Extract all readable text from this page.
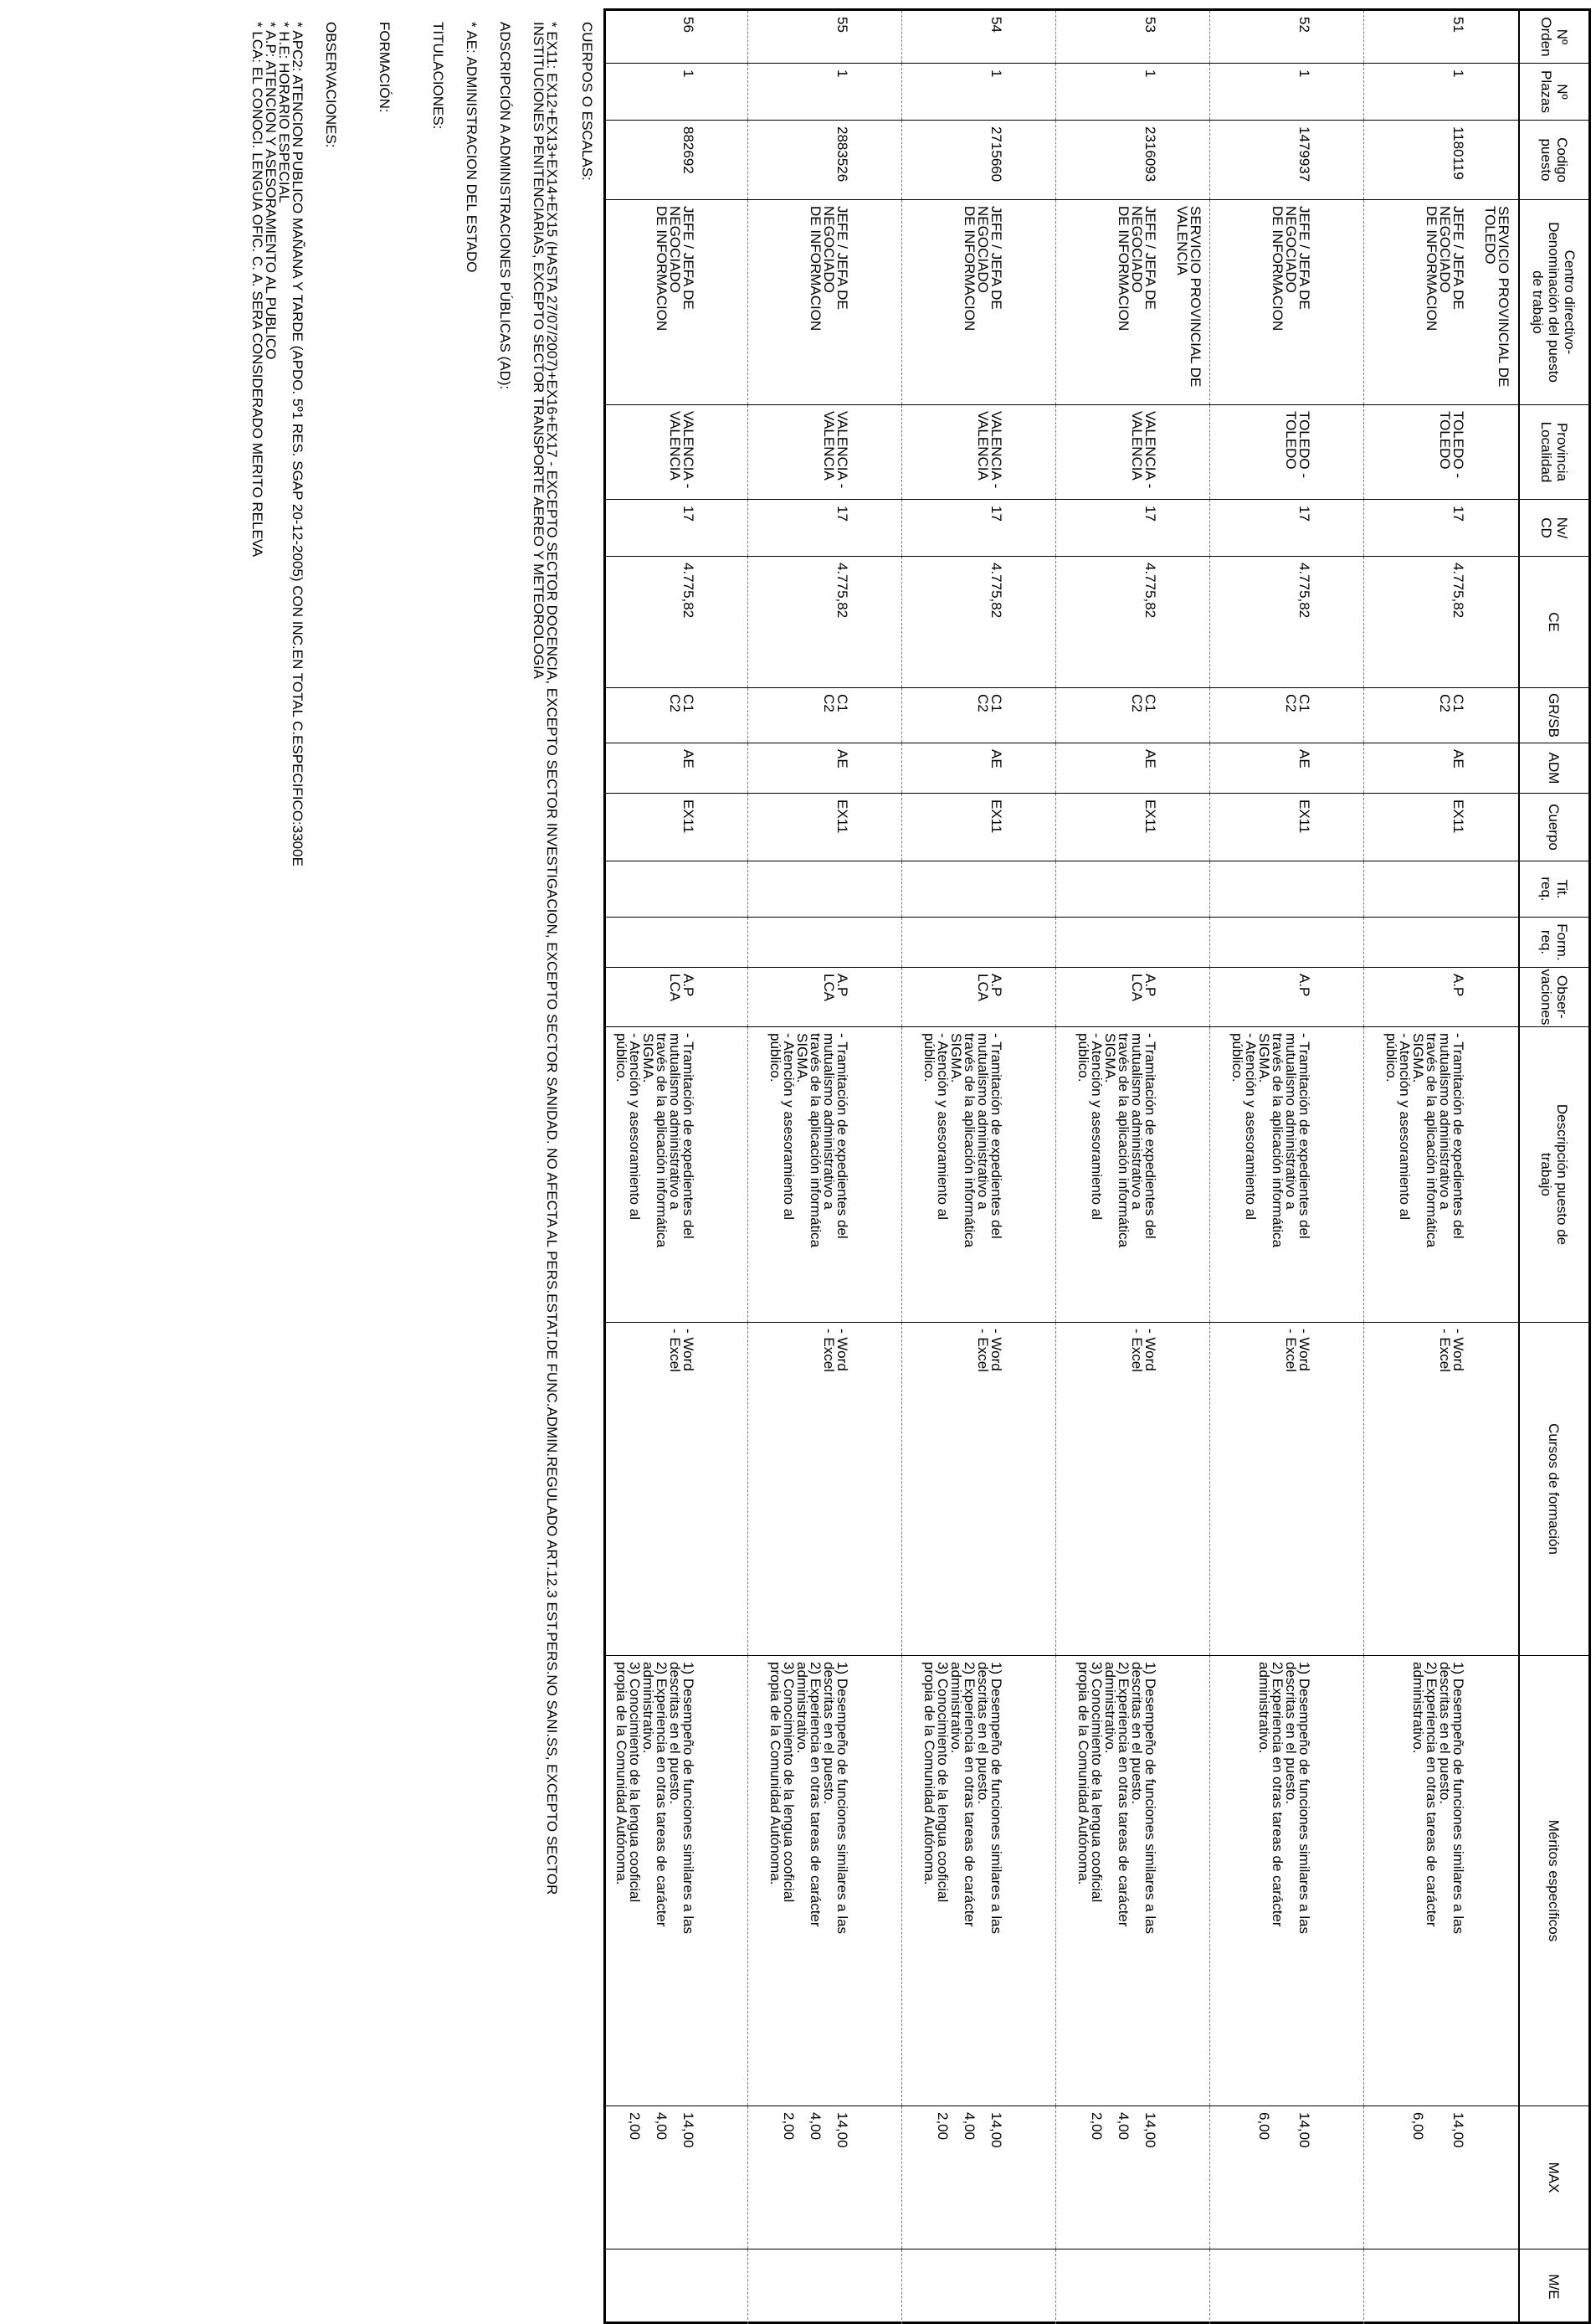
Nº
Orden
51
52
53
54
55
56
Nº
Plazas
1
1
1
1
1
1
Codigo
puesto
1180119
1479937
2316093
2715660
2883526
882692
Centro directivo-
Denominación del puesto
de trabajo
SERVICIO PROVINCIAL DE
TOLEDO
JEFE / JEFA DE NEGOCIADO
DE INFORMACION
JEFE / JEFA DE NEGOCIADO
DE INFORMACION
SERVICIO PROVINCIAL DE
VALENCIA
JEFE / JEFA DE NEGOCIADO
DE INFORMACION
JEFE / JEFA DE NEGOCIADO
DE INFORMACION
JEFE / JEFA DE NEGOCIADO
DE INFORMACION
JEFE / JEFA DE NEGOCIADO
DE INFORMACION
Provincia
Localidad
TOLEDO -
TOLEDO
TOLEDO -
TOLEDO
VALENCIA -
VALENCIA
VALENCIA -
VALENCIA
VALENCIA -
VALENCIA
VALENCIA -
VALENCIA
Nv/
CD
17
17
17
17
17
17
CE
4.775,82
4.775,82
4.775,82
4.775,82
4.775,82
4.775,82
GR/SB
C1
C2
C1
C2
C1
C2
C1
C2
C1
C2
C1
C2
ADM
AE
AE
AE
AE
AE
AE
Cuerpo
EX11
EX11
EX11
EX11
EX11
EX11
Tit.
req.
Form.
req.
Obser-
vaciones
A.P
A.P
A.P
LCA
A.P
LCA
A.P
LCA
A.P
LCA
Descripción puesto de
trabajo
- Tramitación de expedientes del
mutualismo administrativo a
través de la aplicación informática
SIGMA.
- Atención y asesoramiento al
público.
- Tramitación de expedientes del
mutualismo administrativo a
través de la aplicación informática
SIGMA.
- Atención y asesoramiento al
público.
- Tramitación de expedientes del
mutualismo administrativo a
través de la aplicación informática
SIGMA.
- Atención y asesoramiento al
público.
- Tramitación de expedientes del
mutualismo administrativo a
través de la aplicación informática
SIGMA.
- Atención y asesoramiento al
público.
- Tramitación de expedientes del
mutualismo administrativo a
través de la aplicación informática
SIGMA.
- Atención y asesoramiento al
público.
- Tramitación de expedientes del
mutualismo administrativo a
través de la aplicación informática
SIGMA.
- Atención y asesoramiento al
público.
Cursos de formación
- Word
- Excel
- Word
- Excel
- Word
- Excel
- Word
- Excel
- Word
- Excel
- Word
- Excel
Méritos específicos
1) Desempeño de funciones similares a las
descritas en el puesto.
2) Experiencia en otras tareas de carácter
administrativo.
1) Desempeño de funciones similares a las
descritas en el puesto.
2) Experiencia en otras tareas de carácter
administrativo.
1) Desempeño de funciones similares a las
descritas en el puesto.
2) Experiencia en otras tareas de carácter
administrativo.
3) Conocimiento de la lengua cooficial
propia de la Comunidad Autónoma.
1) Desempeño de funciones similares a las
descritas en el puesto.
2) Experiencia en otras tareas de carácter
administrativo.
3) Conocimiento de la lengua cooficial
propia de la Comunidad Autónoma.
1) Desempeño de funciones similares a las
descritas en el puesto.
2) Experiencia en otras tareas de carácter
administrativo.
3) Conocimiento de la lengua cooficial
propia de la Comunidad Autónoma.
1) Desempeño de funciones similares a las
descritas en el puesto.
2) Experiencia en otras tareas de carácter
administrativo.
3) Conocimiento de la lengua cooficial
propia de la Comunidad Autónoma.
MAX
14,00

6,00
14,00

6,00
14,00

4,00

2,00
14,00

4,00

2,00
14,00

4,00

2,00
14,00

4,00

2,00
M/E
CUERPOS O ESCALAS:
* EX11: EX12+EX13+EX14+EX15 (HASTA 27/07/2007)+EX16+EX17 - EXCEPTO SECTOR DOCENCIA, EXCEPTO SECTOR INVESTIGACION, EXCEPTO SECTOR SANIDAD. NO AFECTA AL PERS.ESTAT.DE FUNC.ADMIN.REGULADO ART.12.3 EST.PERS.NO SANI.SS, EXCEPTO SECTOR
INSTITUCIONES PENITENCIARIAS, EXCEPTO SECTOR TRANSPORTE AEREO Y METEOROLOGIA
ADSCRIPCIÓN A ADMINISTRACIONES PÚBLICAS (AD):
* AE: ADMINISTRACION DEL ESTADO
TITULACIONES:
FORMACIÓN:
OBSERVACIONES:
* APC2: ATENCION PUBLICO MAÑANA Y TARDE (APDO. 5º1 RES. SGAP 20-12-2005) CON INC.EN TOTAL C.ESPECIFICO:3300E
* H.E: HORARIO ESPECIAL
* A.P: ATENCION Y ASESORAMIENTO AL PUBLICO
* LCA: EL CONOCI. LENGUA OFIC. C. A. SERA CONSIDERADO MERITO RELEVA
